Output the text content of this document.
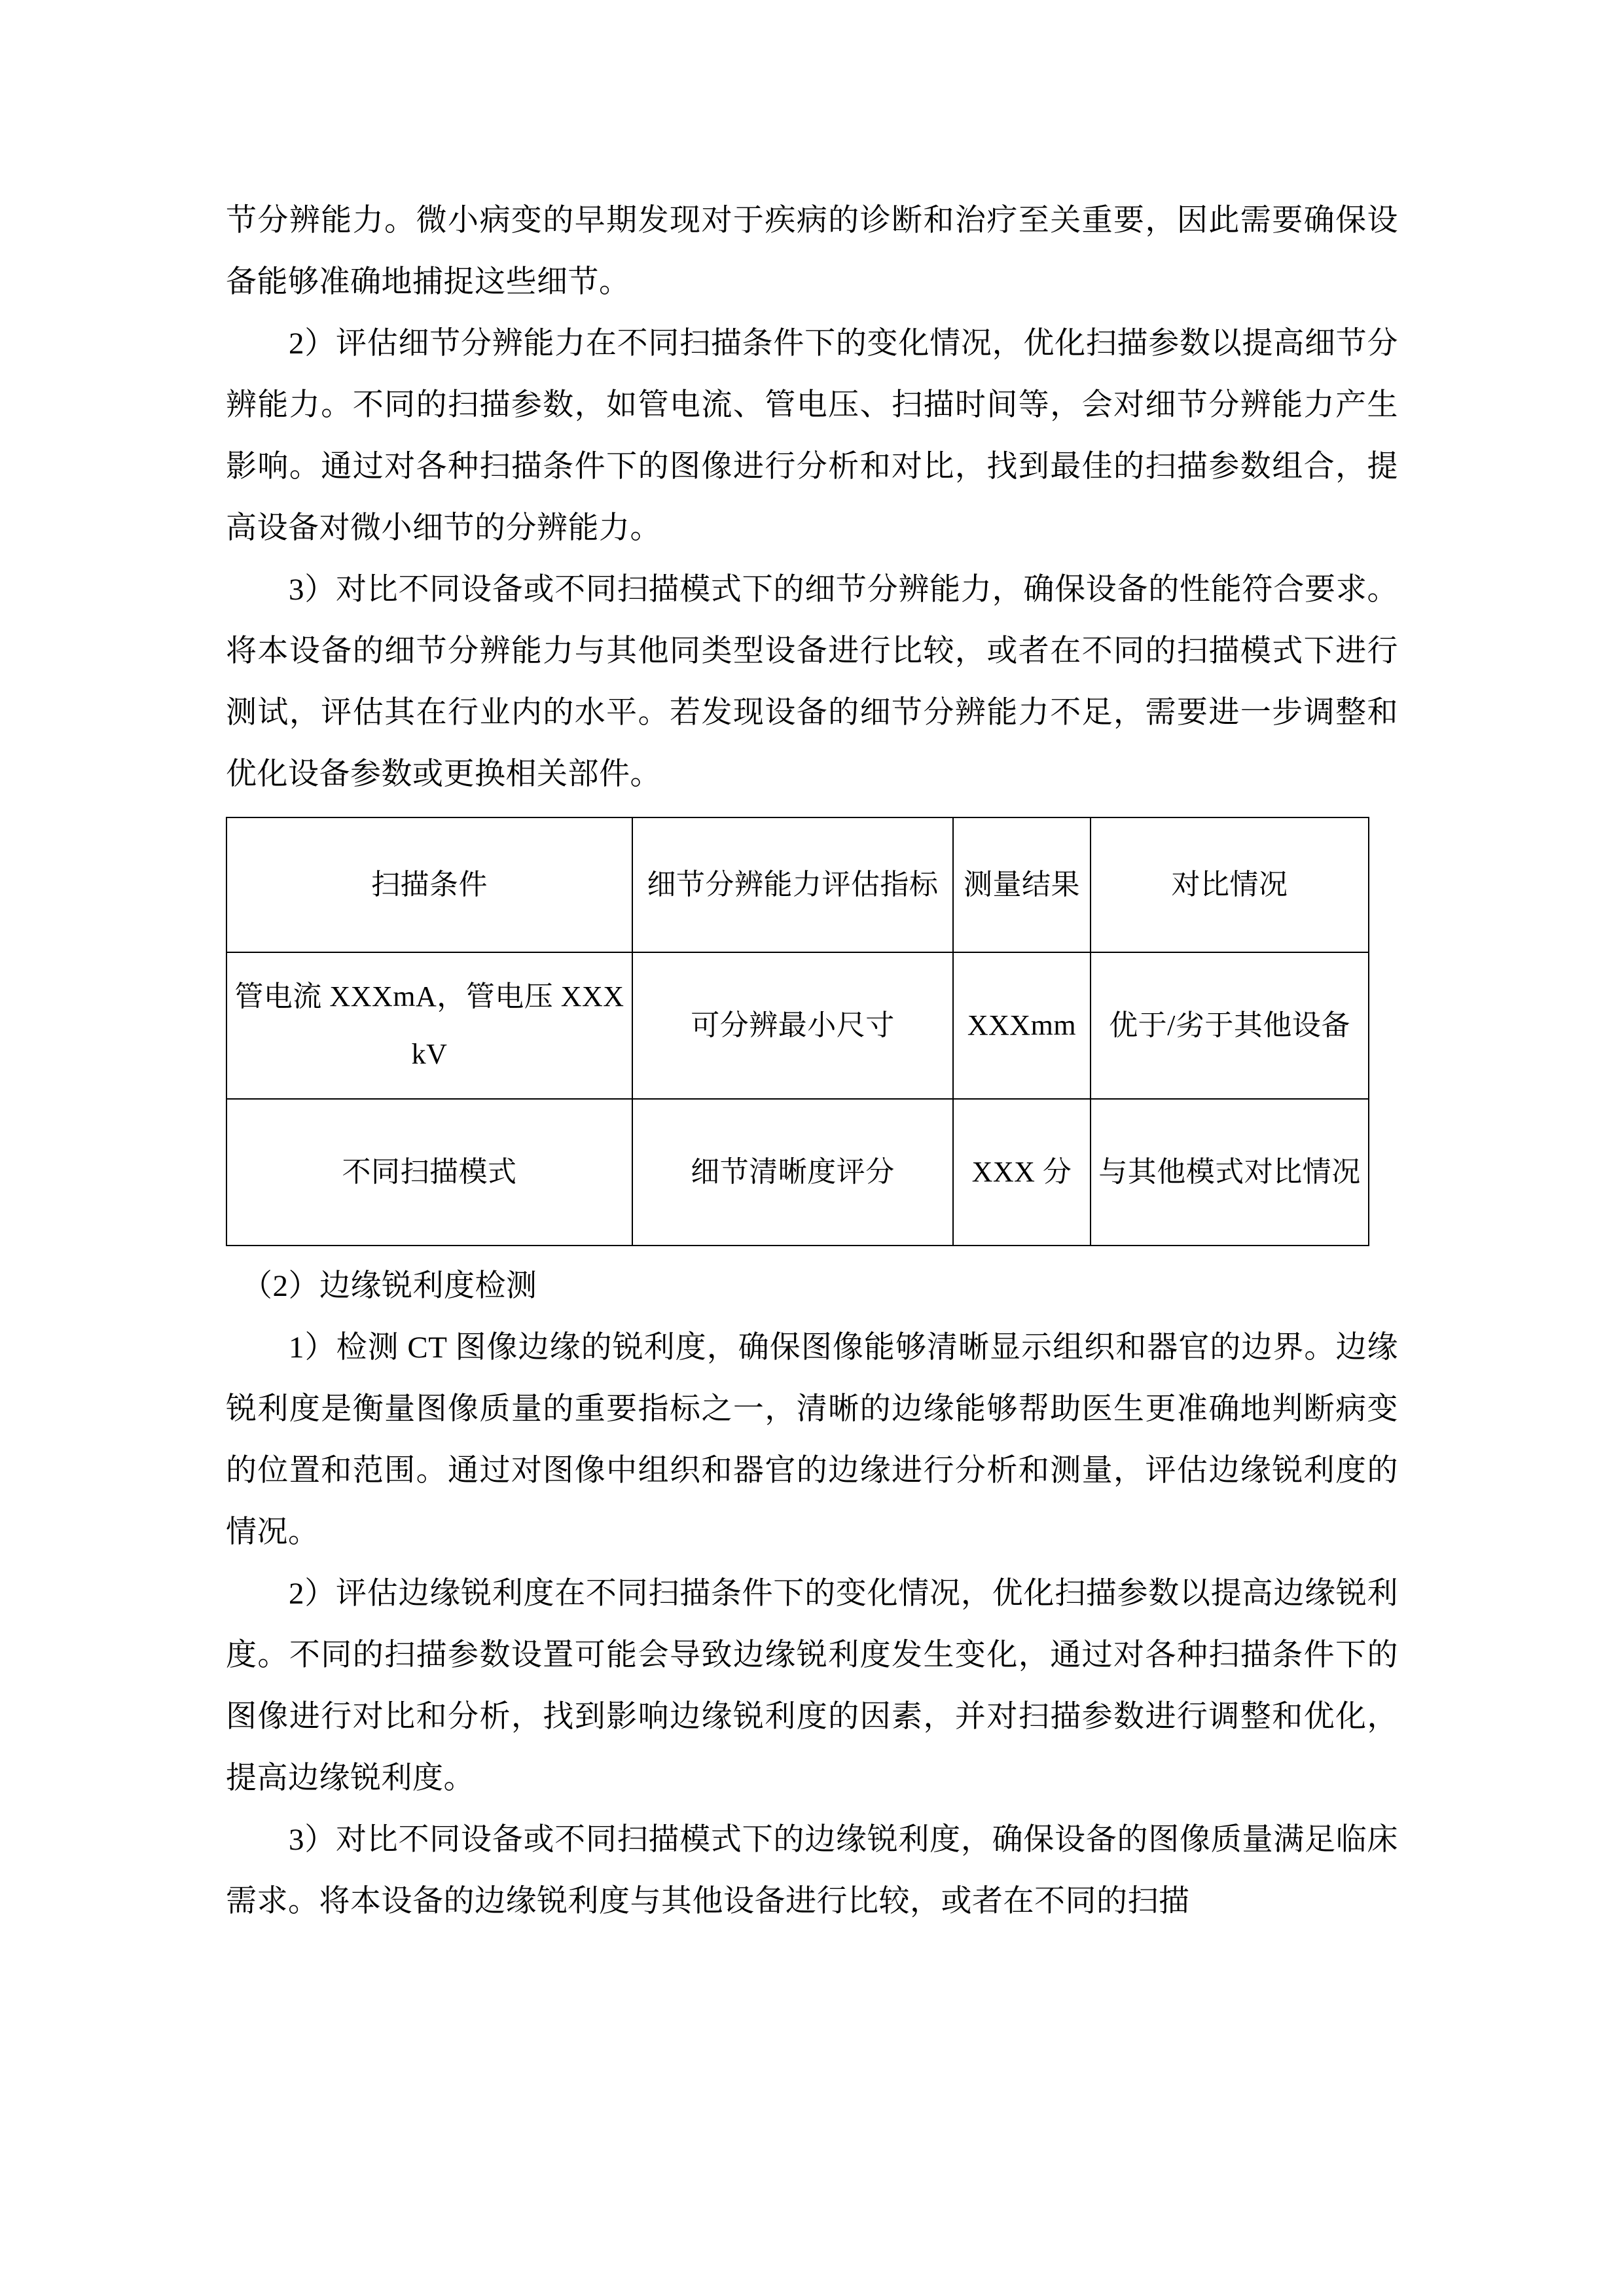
节分辨能力。微小病变的早期发现对于疾病的诊断和治疗至关重要，因此需要确保设备能够准确地捕捉这些细节。

2）评估细节分辨能力在不同扫描条件下的变化情况，优化扫描参数以提高细节分辨能力。不同的扫描参数，如管电流、管电压、扫描时间等，会对细节分辨能力产生影响。通过对各种扫描条件下的图像进行分析和对比，找到最佳的扫描参数组合，提高设备对微小细节的分辨能力。

3）对比不同设备或不同扫描模式下的细节分辨能力，确保设备的性能符合要求。将本设备的细节分辨能力与其他同类型设备进行比较，或者在不同的扫描模式下进行测试，评估其在行业内的水平。若发现设备的细节分辨能力不足，需要进一步调整和优化设备参数或更换相关部件。

扫描条件	细节分辨能力评估指标	测量结果	对比情况
管电流 XXXmA，管电压 XXXkV	可分辨最小尺寸	XXXmm	优于/劣于其他设备
不同扫描模式	细节清晰度评分	XXX 分	与其他模式对比情况

（2）边缘锐利度检测

1）检测 CT 图像边缘的锐利度，确保图像能够清晰显示组织和器官的边界。边缘锐利度是衡量图像质量的重要指标之一，清晰的边缘能够帮助医生更准确地判断病变的位置和范围。通过对图像中组织和器官的边缘进行分析和测量，评估边缘锐利度的情况。

2）评估边缘锐利度在不同扫描条件下的变化情况，优化扫描参数以提高边缘锐利度。不同的扫描参数设置可能会导致边缘锐利度发生变化，通过对各种扫描条件下的图像进行对比和分析，找到影响边缘锐利度的因素，并对扫描参数进行调整和优化，提高边缘锐利度。

3）对比不同设备或不同扫描模式下的边缘锐利度，确保设备的图像质量满足临床需求。将本设备的边缘锐利度与其他设备进行比较，或者在不同的扫描
